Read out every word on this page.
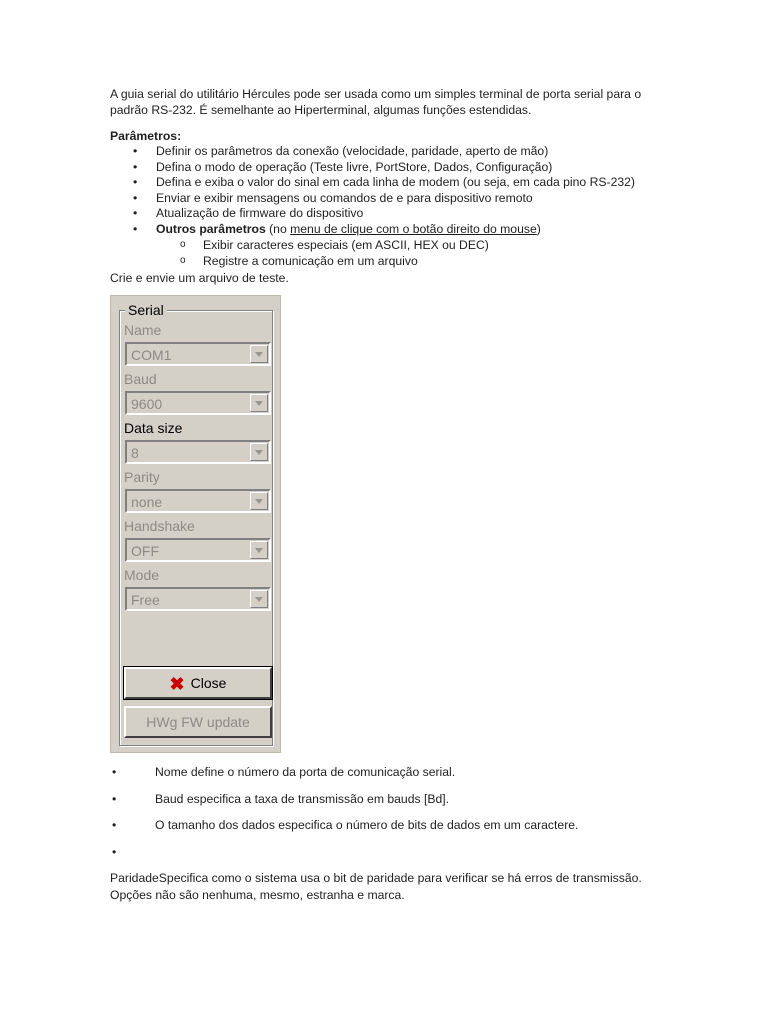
A guia serial do utilitário Hércules pode ser usada como um simples terminal de porta serial para o
padrão RS-232. É semelhante ao Hiperterminal, algumas funções estendidas.
Parâmetros:
• Definir os parâmetros da conexão (velocidade, paridade, aperto de mão)
• Defina o modo de operação (Teste livre, PortStore, Dados, Configuração)
• Defina e exiba o valor do sinal em cada linha de modem (ou seja, em cada pino RS-232)
• Enviar e exibir mensagens ou comandos de e para dispositivo remoto
• Atualização de firmware do dispositivo
• Outros parâmetros (no menu de clique com o botão direito do mouse)
o Exibir caracteres especiais (em ASCII, HEX ou DEC)
o Registre a comunicação em um arquivo
Crie e envie um arquivo de teste.
Serial
Name
COM1
Baud
9600
Data size
8
Parity
none
Handshake
OFF
Mode
Free
✖ Close
HWg FW update
•	Nome define o número da porta de comunicação serial.
•	Baud especifica a taxa de transmissão em bauds [Bd].
•	O tamanho dos dados especifica o número de bits de dados em um caractere.
•
ParidadeSpecifica como o sistema usa o bit de paridade para verificar se há erros de transmissão.
Opções não são nenhuma, mesmo, estranha e marca.
